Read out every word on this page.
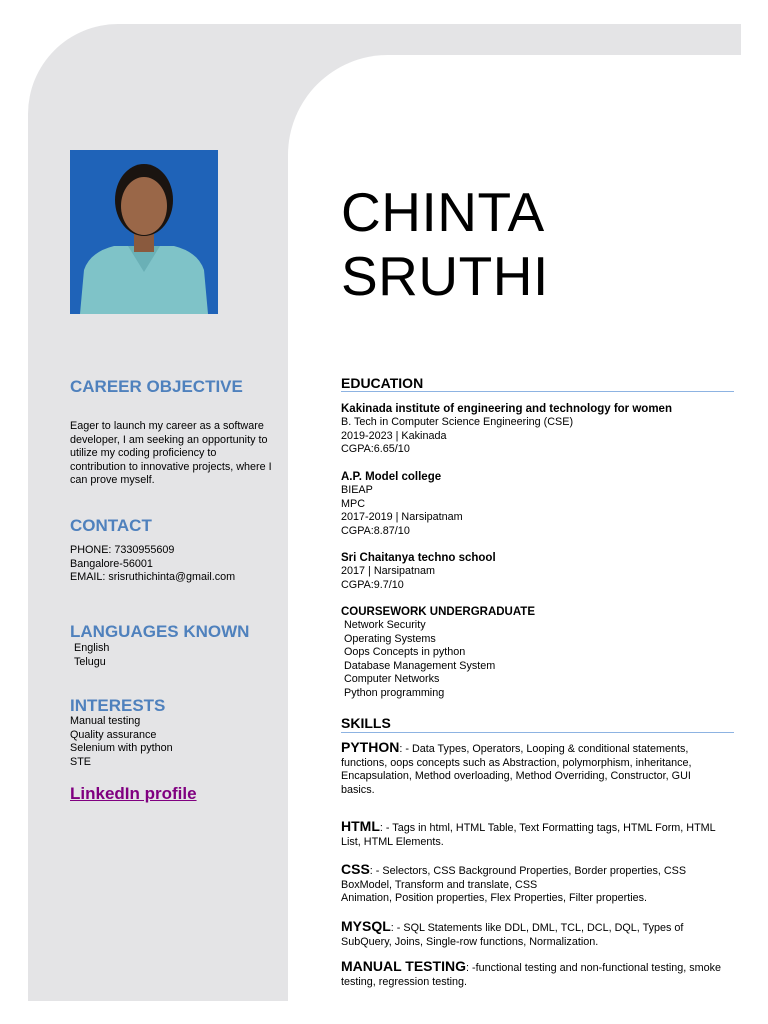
CHINTA
SRUTHI
CAREER OBJECTIVE
Eager to launch my career as a software
developer, I am seeking an opportunity to
utilize my coding proficiency to
contribution to innovative projects, where I
can prove myself.
CONTACT
PHONE: 7330955609
Bangalore-56001
EMAIL: srisruthichinta@gmail.com
LANGUAGES KNOWN
English
Telugu
INTERESTS
Manual testing
Quality assurance
Selenium with python
STE
LinkedIn profile
EDUCATION
Kakinada institute of engineering and technology for women
B. Tech in Computer Science Engineering (CSE)
2019-2023 | Kakinada
CGPA:6.65/10
A.P. Model college
BIEAP
MPC
2017-2019 | Narsipatnam
CGPA:8.87/10
Sri Chaitanya techno school
2017 | Narsipatnam
CGPA:9.7/10
COURSEWORK UNDERGRADUATE
Network Security
Operating Systems
Oops Concepts in python
Database Management System
Computer Networks
Python programming
SKILLS
PYTHON: - Data Types, Operators, Looping & conditional statements,
functions, oops concepts such as Abstraction, polymorphism, inheritance,
Encapsulation, Method overloading, Method Overriding, Constructor, GUI
basics.
HTML: - Tags in html, HTML Table, Text Formatting tags, HTML Form, HTML
List, HTML Elements.
CSS: - Selectors, CSS Background Properties, Border properties, CSS
BoxModel, Transform and translate, CSS
Animation, Position properties, Flex Properties, Filter properties.
MYSQL: - SQL Statements like DDL, DML, TCL, DCL, DQL, Types of
SubQuery, Joins, Single-row functions, Normalization.
MANUAL TESTING: -functional testing and non-functional testing, smoke
testing, regression testing.
